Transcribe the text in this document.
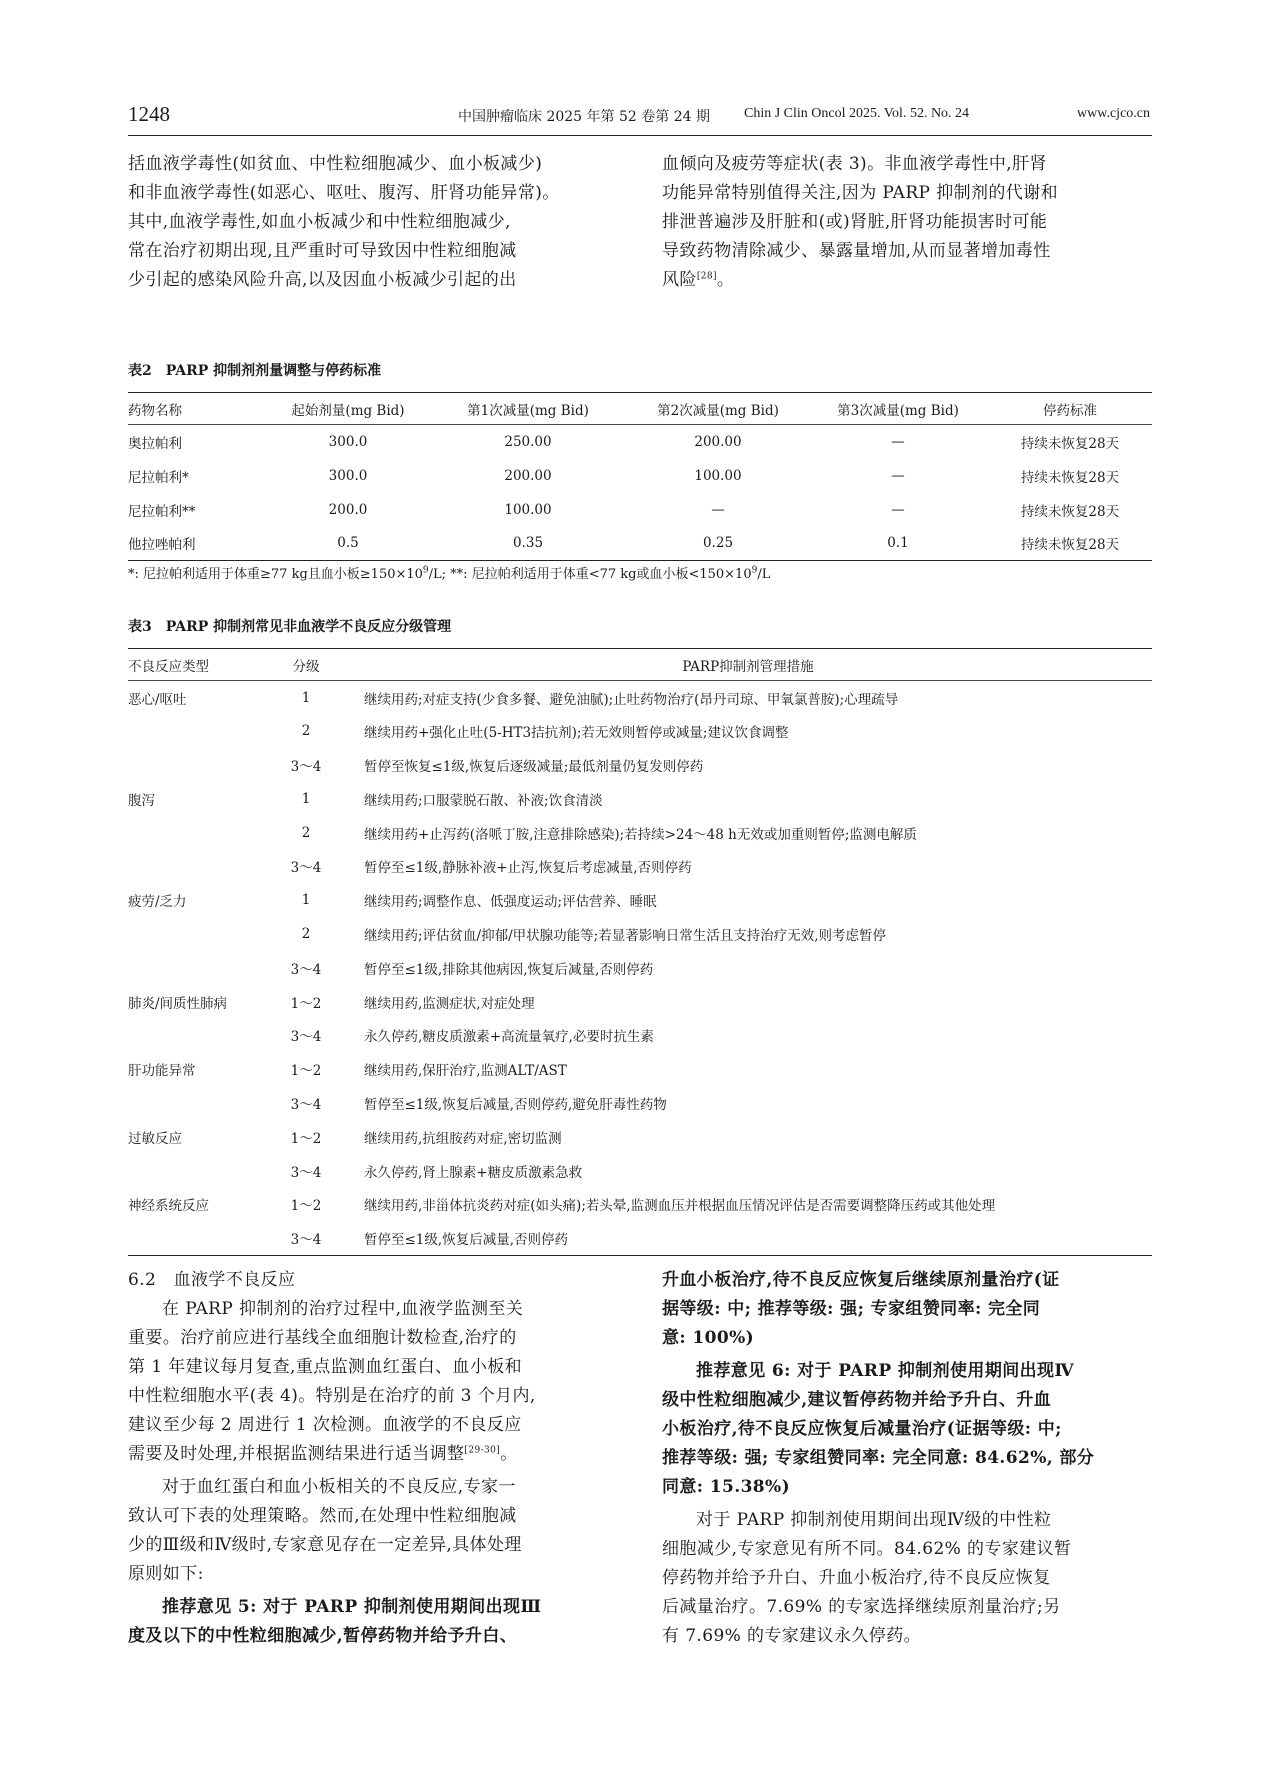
1248	中国肿瘤临床 2025 年第 52 卷第 24 期 Chin J Clin Oncol 2025. Vol. 52. No. 24	www.cjco.cn
括血液学毒性(如贫血、中性粒细胞减少、血小板减少)
和非血液学毒性(如恶心、呕吐、腹泻、肝肾功能异常)。
其中,血液学毒性,如血小板减少和中性粒细胞减少,
常在治疗初期出现,且严重时可导致因中性粒细胞减
少引起的感染风险升高,以及因血小板减少引起的出
血倾向及疲劳等症状(表 3)。非血液学毒性中,肝肾
功能异常特别值得关注,因为 PARP 抑制剂的代谢和
排泄普遍涉及肝脏和(或)肾脏,肝肾功能损害时可能
导致药物清除减少、暴露量增加,从而显著增加毒性
风险[28]。
表2　PARP 抑制剂剂量调整与停药标准
药物名称	起始剂量(mg Bid)	第1次减量(mg Bid)	第2次减量(mg Bid)	第3次减量(mg Bid)	停药标准
奥拉帕利	300.0	250.00	200.00	—	持续未恢复28天
尼拉帕利*	300.0	200.00	100.00	—	持续未恢复28天
尼拉帕利**	200.0	100.00	—	—	持续未恢复28天
他拉唑帕利	0.5	0.35	0.25	0.1	持续未恢复28天
*: 尼拉帕利适用于体重≥77 kg且血小板$\ge 150\times 10^9/L$; **: 尼拉帕利适用于体重<77 kg或血小板$<150\times 10^9/L$
表3　PARP 抑制剂常见非血液学不良反应分级管理
不良反应类型	分级	PARP抑制剂管理措施
恶心/呕吐	1	继续用药;对症支持(少食多餐、避免油腻);止吐药物治疗(昂丹司琼、甲氧氯普胺);心理疏导
	2	继续用药+强化止吐(5-HT3拮抗剂);若无效则暂停或减量;建议饮食调整
	3～4	暂停至恢复≤1级,恢复后逐级减量;最低剂量仍复发则停药
腹泻	1	继续用药;口服蒙脱石散、补液;饮食清淡
	2	继续用药+止泻药(洛哌丁胺,注意排除感染);若持续>24～48 h无效或加重则暂停;监测电解质
	3～4	暂停至≤1级,静脉补液+止泻,恢复后考虑减量,否则停药
疲劳/乏力	1	继续用药;调整作息、低强度运动;评估营养、睡眠
	2	继续用药;评估贫血/抑郁/甲状腺功能等;若显著影响日常生活且支持治疗无效,则考虑暂停
	3～4	暂停至≤1级,排除其他病因,恢复后减量,否则停药
肺炎/间质性肺病	1～2	继续用药,监测症状,对症处理
	3～4	永久停药,糖皮质激素+高流量氧疗,必要时抗生素
肝功能异常	1～2	继续用药,保肝治疗,监测ALT/AST
	3～4	暂停至≤1级,恢复后减量,否则停药,避免肝毒性药物
过敏反应	1～2	继续用药,抗组胺药对症,密切监测
	3～4	永久停药,肾上腺素+糖皮质激素急救
神经系统反应	1～2	继续用药,非甾体抗炎药对症(如头痛);若头晕,监测血压并根据血压情况评估是否需要调整降压药或其他处理
	3～4	暂停至≤1级,恢复后减量,否则停药
6.2　血液学不良反应
在 PARP 抑制剂的治疗过程中,血液学监测至关
重要。治疗前应进行基线全血细胞计数检查,治疗的
第 1 年建议每月复查,重点监测血红蛋白、血小板和
中性粒细胞水平(表 4)。特别是在治疗的前 3 个月内,
建议至少每 2 周进行 1 次检测。血液学的不良反应
需要及时处理,并根据监测结果进行适当调整[29-30]。
对于血红蛋白和血小板相关的不良反应,专家一
致认可下表的处理策略。然而,在处理中性粒细胞减
少的Ⅲ级和Ⅳ级时,专家意见存在一定差异,具体处理
原则如下:
推荐意见 5: 对于 PARP 抑制剂使用期间出现Ⅲ
度及以下的中性粒细胞减少,暂停药物并给予升白、
升血小板治疗,待不良反应恢复后继续原剂量治疗(证
据等级: 中; 推荐等级: 强; 专家组赞同率: 完全同
意: 100%)
推荐意见 6: 对于 PARP 抑制剂使用期间出现Ⅳ
级中性粒细胞减少,建议暂停药物并给予升白、升血
小板治疗,待不良反应恢复后减量治疗(证据等级: 中;
推荐等级: 强; 专家组赞同率: 完全同意: 84.62%, 部分
同意: 15.38%)
对于 PARP 抑制剂使用期间出现Ⅳ级的中性粒
细胞减少,专家意见有所不同。84.62% 的专家建议暂
停药物并给予升白、升血小板治疗,待不良反应恢复
后减量治疗。7.69% 的专家选择继续原剂量治疗;另
有 7.69% 的专家建议永久停药。
